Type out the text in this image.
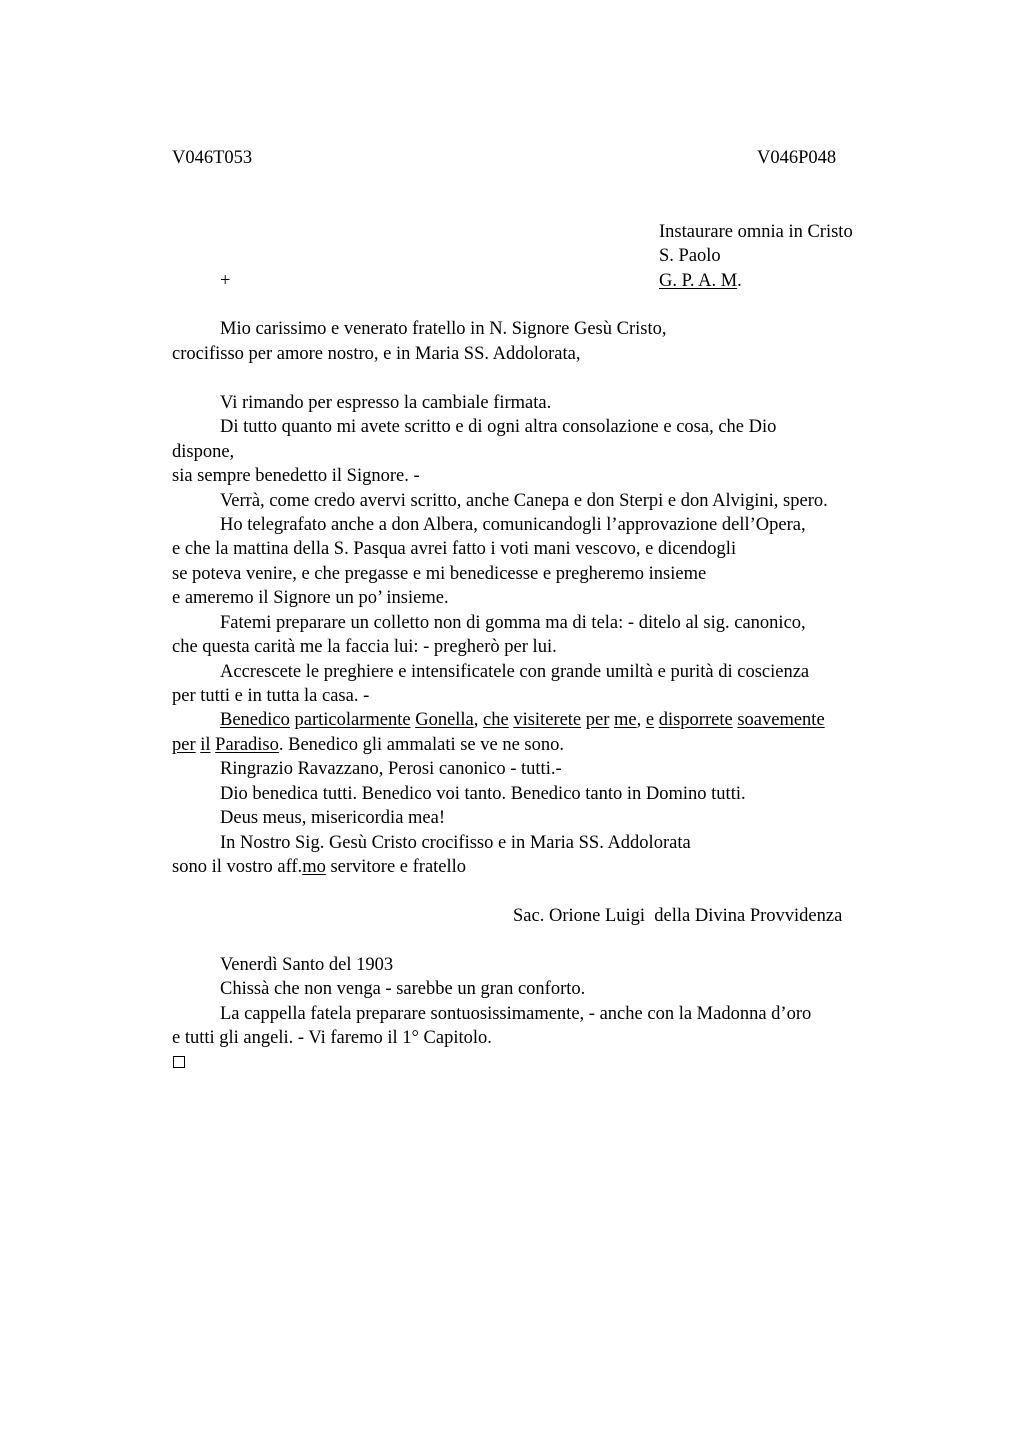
V046T053	V046P048
Instaurare omnia in Cristo
S. Paolo
+	G. P. A. M.
Mio carissimo e venerato fratello in N. Signore Gesù Cristo,
crocifisso per amore nostro, e in Maria SS. Addolorata,
Vi rimando per espresso la cambiale firmata.
Di tutto quanto mi avete scritto e di ogni altra consolazione e cosa, che Dio
dispone,
sia sempre benedetto il Signore. -
Verrà, come credo avervi scritto, anche Canepa e don Sterpi e don Alvigini, spero.
Ho telegrafato anche a don Albera, comunicandogli l’approvazione dell’Opera,
e che la mattina della S. Pasqua avrei fatto i voti mani vescovo, e dicendogli
se poteva venire, e che pregasse e mi benedicesse e pregheremo insieme
e ameremo il Signore un po’ insieme.
Fatemi preparare un colletto non di gomma ma di tela: - ditelo al sig. canonico,
che questa carità me la faccia lui: - pregherò per lui.
Accrescete le preghiere e intensificatele con grande umiltà e purità di coscienza
per tutti e in tutta la casa. -
Benedico particolarmente Gonella, che visiterete per me, e disporrete soavemente
per il Paradiso. Benedico gli ammalati se ve ne sono.
Ringrazio Ravazzano, Perosi canonico - tutti.-
Dio benedica tutti. Benedico voi tanto. Benedico tanto in Domino tutti.
Deus meus, misericordia mea!
In Nostro Sig. Gesù Cristo crocifisso e in Maria SS. Addolorata
sono il vostro aff.mo servitore e fratello
Sac. Orione Luigi  della Divina Provvidenza
Venerdì Santo del 1903
Chissà che non venga - sarebbe un gran conforto.
La cappella fatela preparare sontuosissimamente, - anche con la Madonna d’oro
e tutti gli angeli. - Vi faremo il 1° Capitolo.
